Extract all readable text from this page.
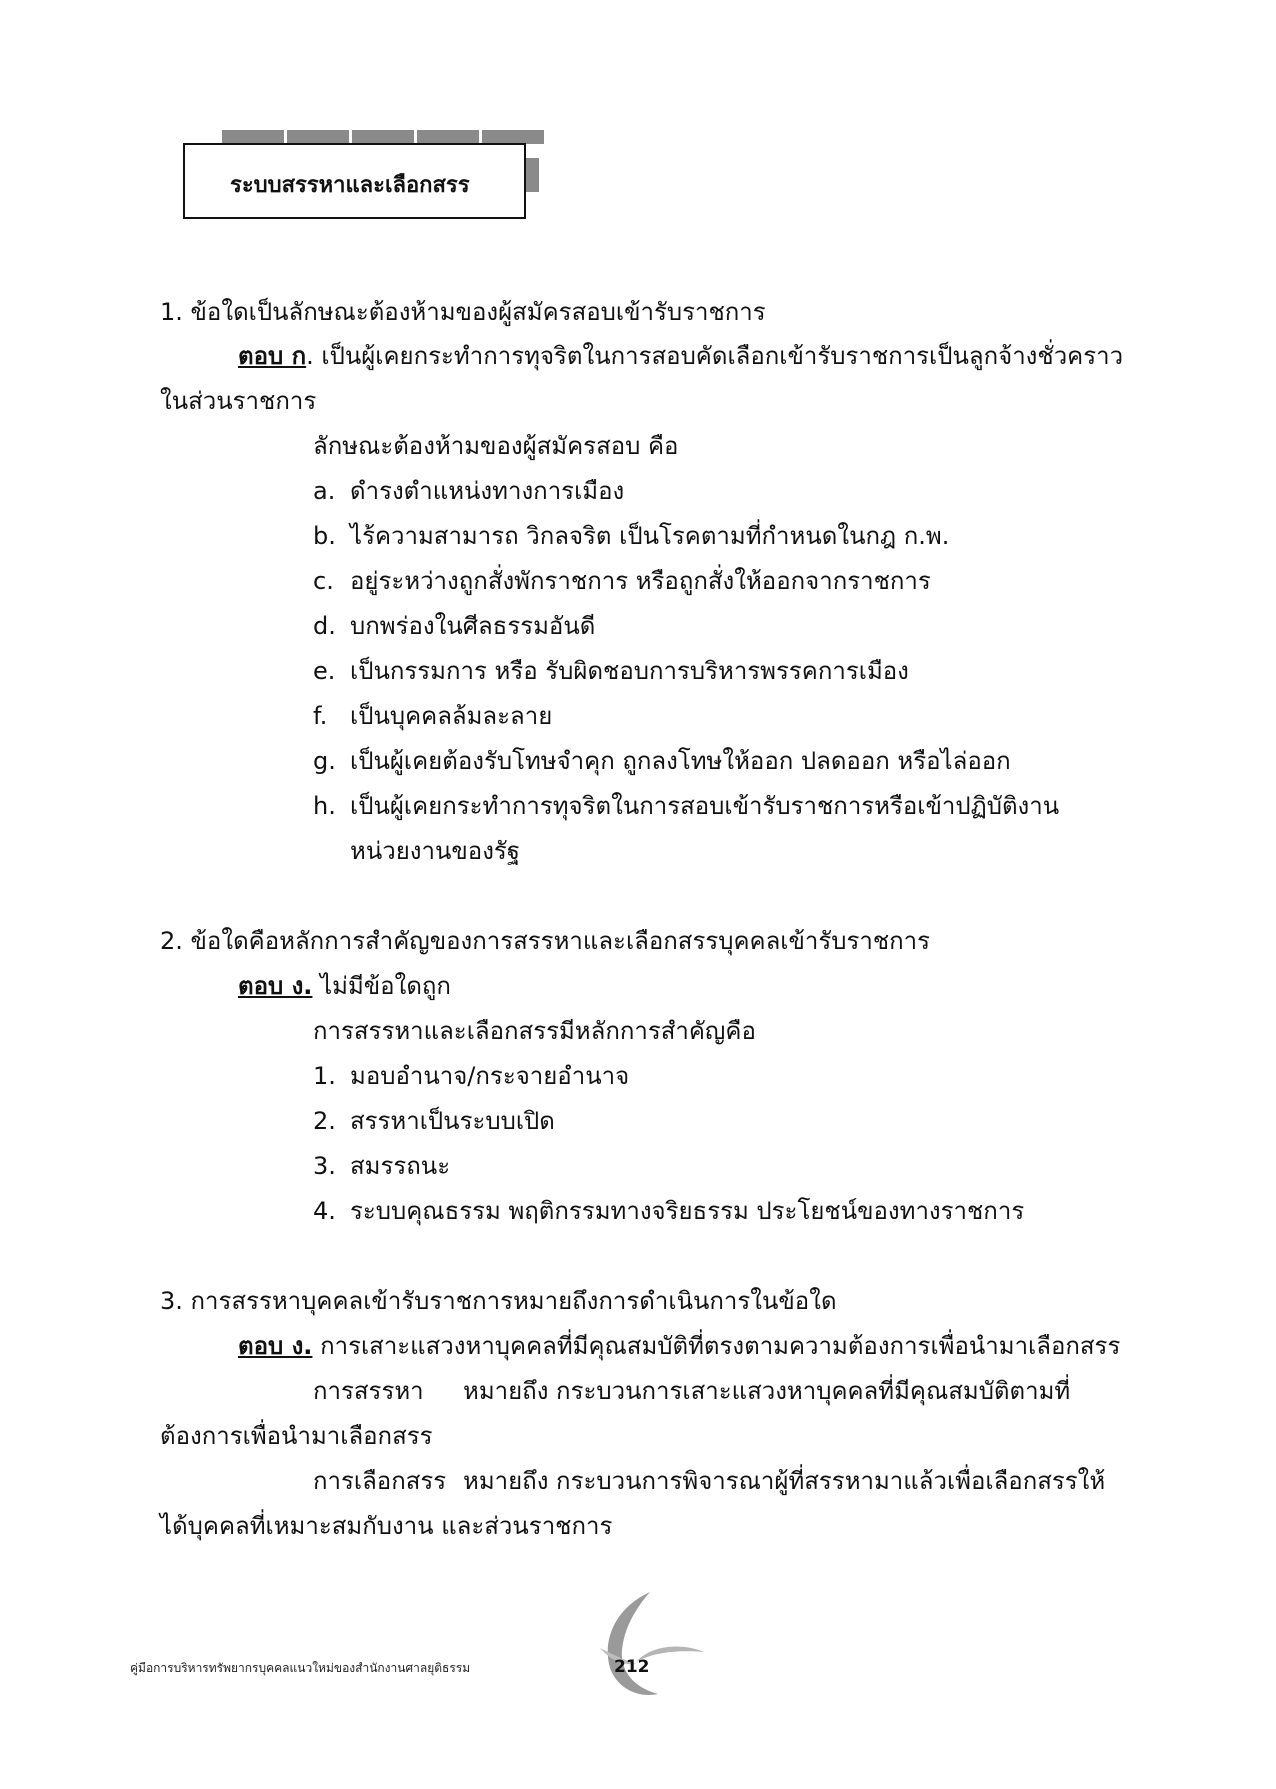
ระบบสรรหาและเลือกสรร
1. ข้อใดเป็นลักษณะต้องห้ามของผู้สมัครสอบเข้ารับราชการ
ตอบ ก. เป็นผู้เคยกระทำการทุจริตในการสอบคัดเลือกเข้ารับราชการเป็นลูกจ้างชั่วคราว
ในส่วนราชการ
ลักษณะต้องห้ามของผู้สมัครสอบ คือ
a. ดำรงตำแหน่งทางการเมือง
b. ไร้ความสามารถ วิกลจริต เป็นโรคตามที่กำหนดในกฎ ก.พ.
c. อยู่ระหว่างถูกสั่งพักราชการ หรือถูกสั่งให้ออกจากราชการ
d. บกพร่องในศีลธรรมอันดี
e. เป็นกรรมการ หรือ รับผิดชอบการบริหารพรรคการเมือง
f. เป็นบุคคลล้มละลาย
g. เป็นผู้เคยต้องรับโทษจำคุก ถูกลงโทษให้ออก ปลดออก หรือไล่ออก
h. เป็นผู้เคยกระทำการทุจริตในการสอบเข้ารับราชการหรือเข้าปฏิบัติงาน
หน่วยงานของรัฐ
2. ข้อใดคือหลักการสำคัญของการสรรหาและเลือกสรรบุคคลเข้ารับราชการ
ตอบ ง. ไม่มีข้อใดถูก
การสรรหาและเลือกสรรมีหลักการสำคัญคือ
1. มอบอำนาจ/กระจายอำนาจ
2. สรรหาเป็นระบบเปิด
3. สมรรถนะ
4. ระบบคุณธรรม พฤติกรรมทางจริยธรรม ประโยชน์ของทางราชการ
3. การสรรหาบุคคลเข้ารับราชการหมายถึงการดำเนินการในข้อใด
ตอบ ง. การเสาะแสวงหาบุคคลที่มีคุณสมบัติที่ตรงตามความต้องการเพื่อนำมาเลือกสรร
การสรรหา หมายถึง กระบวนการเสาะแสวงหาบุคคลที่มีคุณสมบัติตามที่
ต้องการเพื่อนำมาเลือกสรร
การเลือกสรร หมายถึง กระบวนการพิจารณาผู้ที่สรรหามาแล้วเพื่อเลือกสรรให้
ได้บุคคลที่เหมาะสมกับงาน และส่วนราชการ
คู่มือการบริหารทรัพยากรบุคคลแนวใหม่ของสำนักงานศาลยุติธรรม	212
